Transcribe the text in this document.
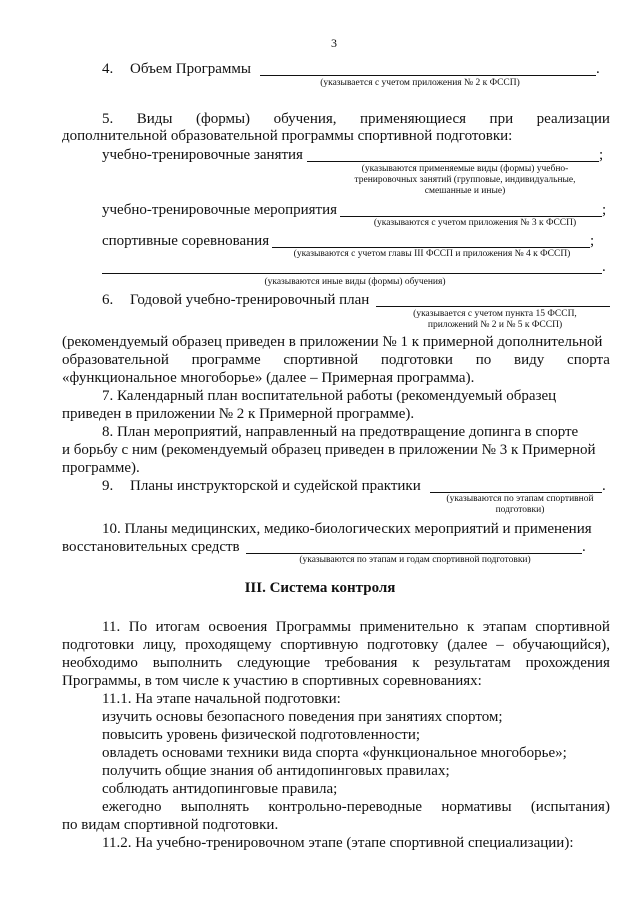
3
4. Объем Программы	.
(указывается с учетом приложения № 2 к ФССП)
5. Виды (формы) обучения, применяющиеся при реализации
дополнительной образовательной программы спортивной подготовки:
учебно-тренировочные занятия	;
(указываются применяемые виды (формы) учебно-
тренировочных занятий (групповые, индивидуальные,
смешанные и иные)
учебно-тренировочные мероприятия	;
(указываются с учетом приложения № 3 к ФССП)
спортивные соревнования	;
(указываются с учетом главы III ФССП и приложения № 4 к ФССП)
.
(указываются иные виды (формы) обучения)
6. Годовой учебно-тренировочный план
(указывается с учетом пункта 15 ФССП,
приложений № 2 и № 5 к ФССП)
(рекомендуемый образец приведен в приложении № 1 к примерной дополнительной
образовательной программе спортивной подготовки по виду спорта
«функциональное многоборье» (далее – Примерная программа).
7. Календарный план воспитательной работы (рекомендуемый образец
приведен в приложении № 2 к Примерной программе).
8. План мероприятий, направленный на предотвращение допинга в спорте
и борьбу с ним (рекомендуемый образец приведен в приложении № 3 к Примерной
программе).
9. Планы инструкторской и судейской практики	.
(указываются по этапам спортивной
подготовки)
10. Планы медицинских, медико-биологических мероприятий и применения
восстановительных средств	.
(указываются по этапам и годам спортивной подготовки)
III. Система контроля
11. По итогам освоения Программы применительно к этапам спортивной
подготовки лицу, проходящему спортивную подготовку (далее – обучающийся),
необходимо выполнить следующие требования к результатам прохождения
Программы, в том числе к участию в спортивных соревнованиях:
11.1. На этапе начальной подготовки:
изучить основы безопасного поведения при занятиях спортом;
повысить уровень физической подготовленности;
овладеть основами техники вида спорта «функциональное многоборье»;
получить общие знания об антидопинговых правилах;
соблюдать антидопинговые правила;
ежегодно выполнять контрольно-переводные нормативы (испытания)
по видам спортивной подготовки.
11.2. На учебно-тренировочном этапе (этапе спортивной специализации):
